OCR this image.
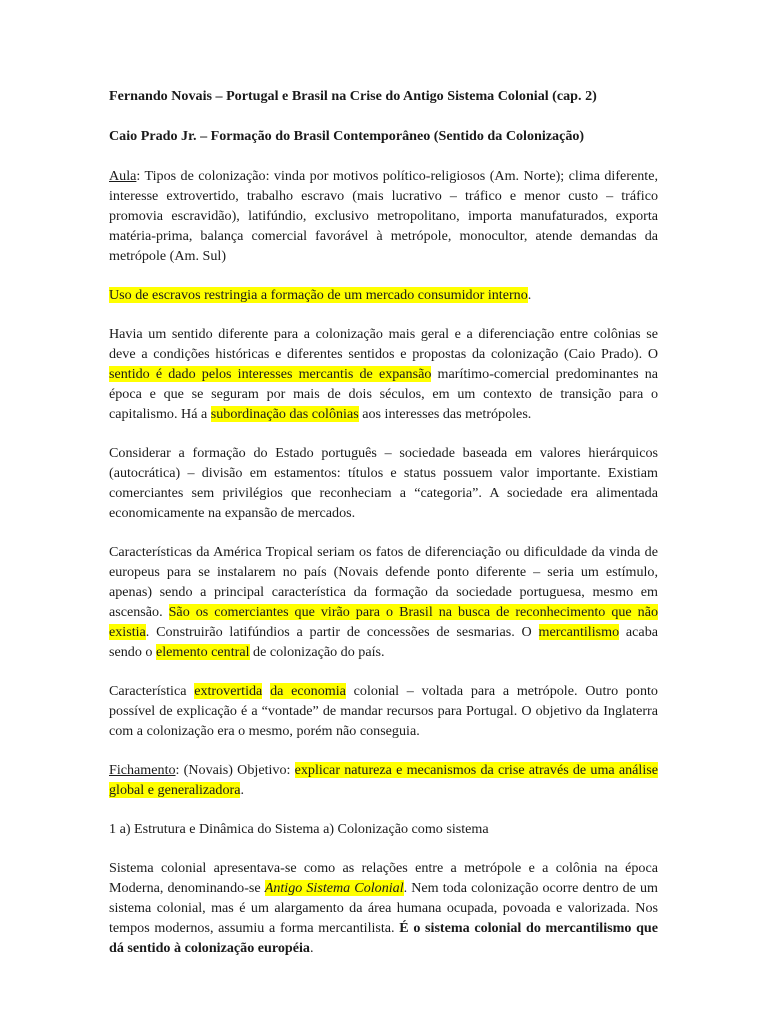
Fernando Novais – Portugal e Brasil na Crise do Antigo Sistema Colonial (cap. 2)

Caio Prado Jr. – Formação do Brasil Contemporâneo (Sentido da Colonização)

Aula: Tipos de colonização: vinda por motivos político-religiosos (Am. Norte); clima diferente, interesse extrovertido, trabalho escravo (mais lucrativo – tráfico e menor custo – tráfico promovia escravidão), latifúndio, exclusivo metropolitano, importa manufaturados, exporta matéria-prima, balança comercial favorável à metrópole, monocultor, atende demandas da metrópole (Am. Sul)

Uso de escravos restringia a formação de um mercado consumidor interno.

Havia um sentido diferente para a colonização mais geral e a diferenciação entre colônias se deve a condições históricas e diferentes sentidos e propostas da colonização (Caio Prado). O sentido é dado pelos interesses mercantis de expansão marítimo-comercial predominantes na época e que se seguram por mais de dois séculos, em um contexto de transição para o capitalismo. Há a subordinação das colônias aos interesses das metrópoles.

Considerar a formação do Estado português – sociedade baseada em valores hierárquicos (autocrática) – divisão em estamentos: títulos e status possuem valor importante. Existiam comerciantes sem privilégios que reconheciam a “categoria”. A sociedade era alimentada economicamente na expansão de mercados.

Características da América Tropical seriam os fatos de diferenciação ou dificuldade da vinda de europeus para se instalarem no país (Novais defende ponto diferente – seria um estímulo, apenas) sendo a principal característica da formação da sociedade portuguesa, mesmo em ascensão. São os comerciantes que virão para o Brasil na busca de reconhecimento que não existia. Construirão latifúndios a partir de concessões de sesmarias. O mercantilismo acaba sendo o elemento central de colonização do país.

Característica extrovertida da economia colonial – voltada para a metrópole. Outro ponto possível de explicação é a “vontade” de mandar recursos para Portugal. O objetivo da Inglaterra com a colonização era o mesmo, porém não conseguia.

Fichamento: (Novais) Objetivo: explicar natureza e mecanismos da crise através de uma análise global e generalizadora.

1 a) Estrutura e Dinâmica do Sistema a) Colonização como sistema

Sistema colonial apresentava-se como as relações entre a metrópole e a colônia na época Moderna, denominando-se Antigo Sistema Colonial. Nem toda colonização ocorre dentro de um sistema colonial, mas é um alargamento da área humana ocupada, povoada e valorizada. Nos tempos modernos, assumiu a forma mercantilista. É o sistema colonial do mercantilismo que dá sentido à colonização européia.
